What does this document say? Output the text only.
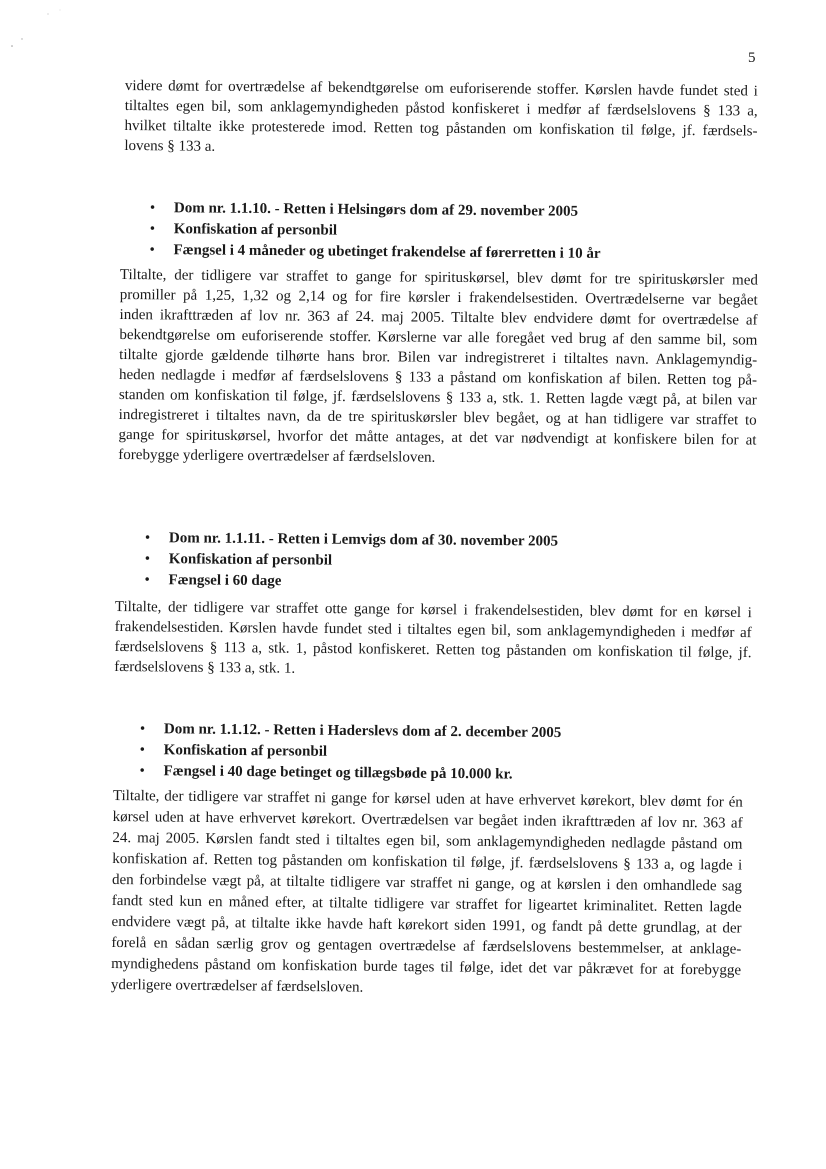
5
videre dømt for overtrædelse af bekendtgørelse om euforiserende stoffer. Kørslen havde fundet sted i
tiltaltes egen bil, som anklagemyndigheden påstod konfiskeret i medfør af færdselslovens § 133 a,
hvilket tiltalte ikke protesterede imod. Retten tog påstanden om konfiskation til følge, jf. færdsels-
lovens § 133 a.
• Dom nr. 1.1.10. - Retten i Helsingørs dom af 29. november 2005
• Konfiskation af personbil
• Fængsel i 4 måneder og ubetinget frakendelse af førerretten i 10 år
Tiltalte, der tidligere var straffet to gange for spirituskørsel, blev dømt for tre spirituskørsler med
promiller på 1,25, 1,32 og 2,14 og for fire kørsler i frakendelsestiden. Overtrædelserne var begået
inden ikrafttræden af lov nr. 363 af 24. maj 2005. Tiltalte blev endvidere dømt for overtrædelse af
bekendtgørelse om euforiserende stoffer. Kørslerne var alle foregået ved brug af den samme bil, som
tiltalte gjorde gældende tilhørte hans bror. Bilen var indregistreret i tiltaltes navn. Anklagemyndig-
heden nedlagde i medfør af færdselslovens § 133 a påstand om konfiskation af bilen. Retten tog på-
standen om konfiskation til følge, jf. færdselslovens § 133 a, stk. 1. Retten lagde vægt på, at bilen var
indregistreret i tiltaltes navn, da de tre spirituskørsler blev begået, og at han tidligere var straffet to
gange for spirituskørsel, hvorfor det måtte antages, at det var nødvendigt at konfiskere bilen for at
forebygge yderligere overtrædelser af færdselsloven.
• Dom nr. 1.1.11. - Retten i Lemvigs dom af 30. november 2005
• Konfiskation af personbil
• Fængsel i 60 dage
Tiltalte, der tidligere var straffet otte gange for kørsel i frakendelsestiden, blev dømt for en kørsel i
frakendelsestiden. Kørslen havde fundet sted i tiltaltes egen bil, som anklagemyndigheden i medfør af
færdselslovens § 113 a, stk. 1, påstod konfiskeret. Retten tog påstanden om konfiskation til følge, jf.
færdselslovens § 133 a, stk. 1.
• Dom nr. 1.1.12. - Retten i Haderslevs dom af 2. december 2005
• Konfiskation af personbil
• Fængsel i 40 dage betinget og tillægsbøde på 10.000 kr.
Tiltalte, der tidligere var straffet ni gange for kørsel uden at have erhvervet kørekort, blev dømt for én
kørsel uden at have erhvervet kørekort. Overtrædelsen var begået inden ikrafttræden af lov nr. 363 af
24. maj 2005. Kørslen fandt sted i tiltaltes egen bil, som anklagemyndigheden nedlagde påstand om
konfiskation af. Retten tog påstanden om konfiskation til følge, jf. færdselslovens § 133 a, og lagde i
den forbindelse vægt på, at tiltalte tidligere var straffet ni gange, og at kørslen i den omhandlede sag
fandt sted kun en måned efter, at tiltalte tidligere var straffet for ligeartet kriminalitet. Retten lagde
endvidere vægt på, at tiltalte ikke havde haft kørekort siden 1991, og fandt på dette grundlag, at der
forelå en sådan særlig grov og gentagen overtrædelse af færdselslovens bestemmelser, at anklage-
myndighedens påstand om konfiskation burde tages til følge, idet det var påkrævet for at forebygge
yderligere overtrædelser af færdselsloven.
